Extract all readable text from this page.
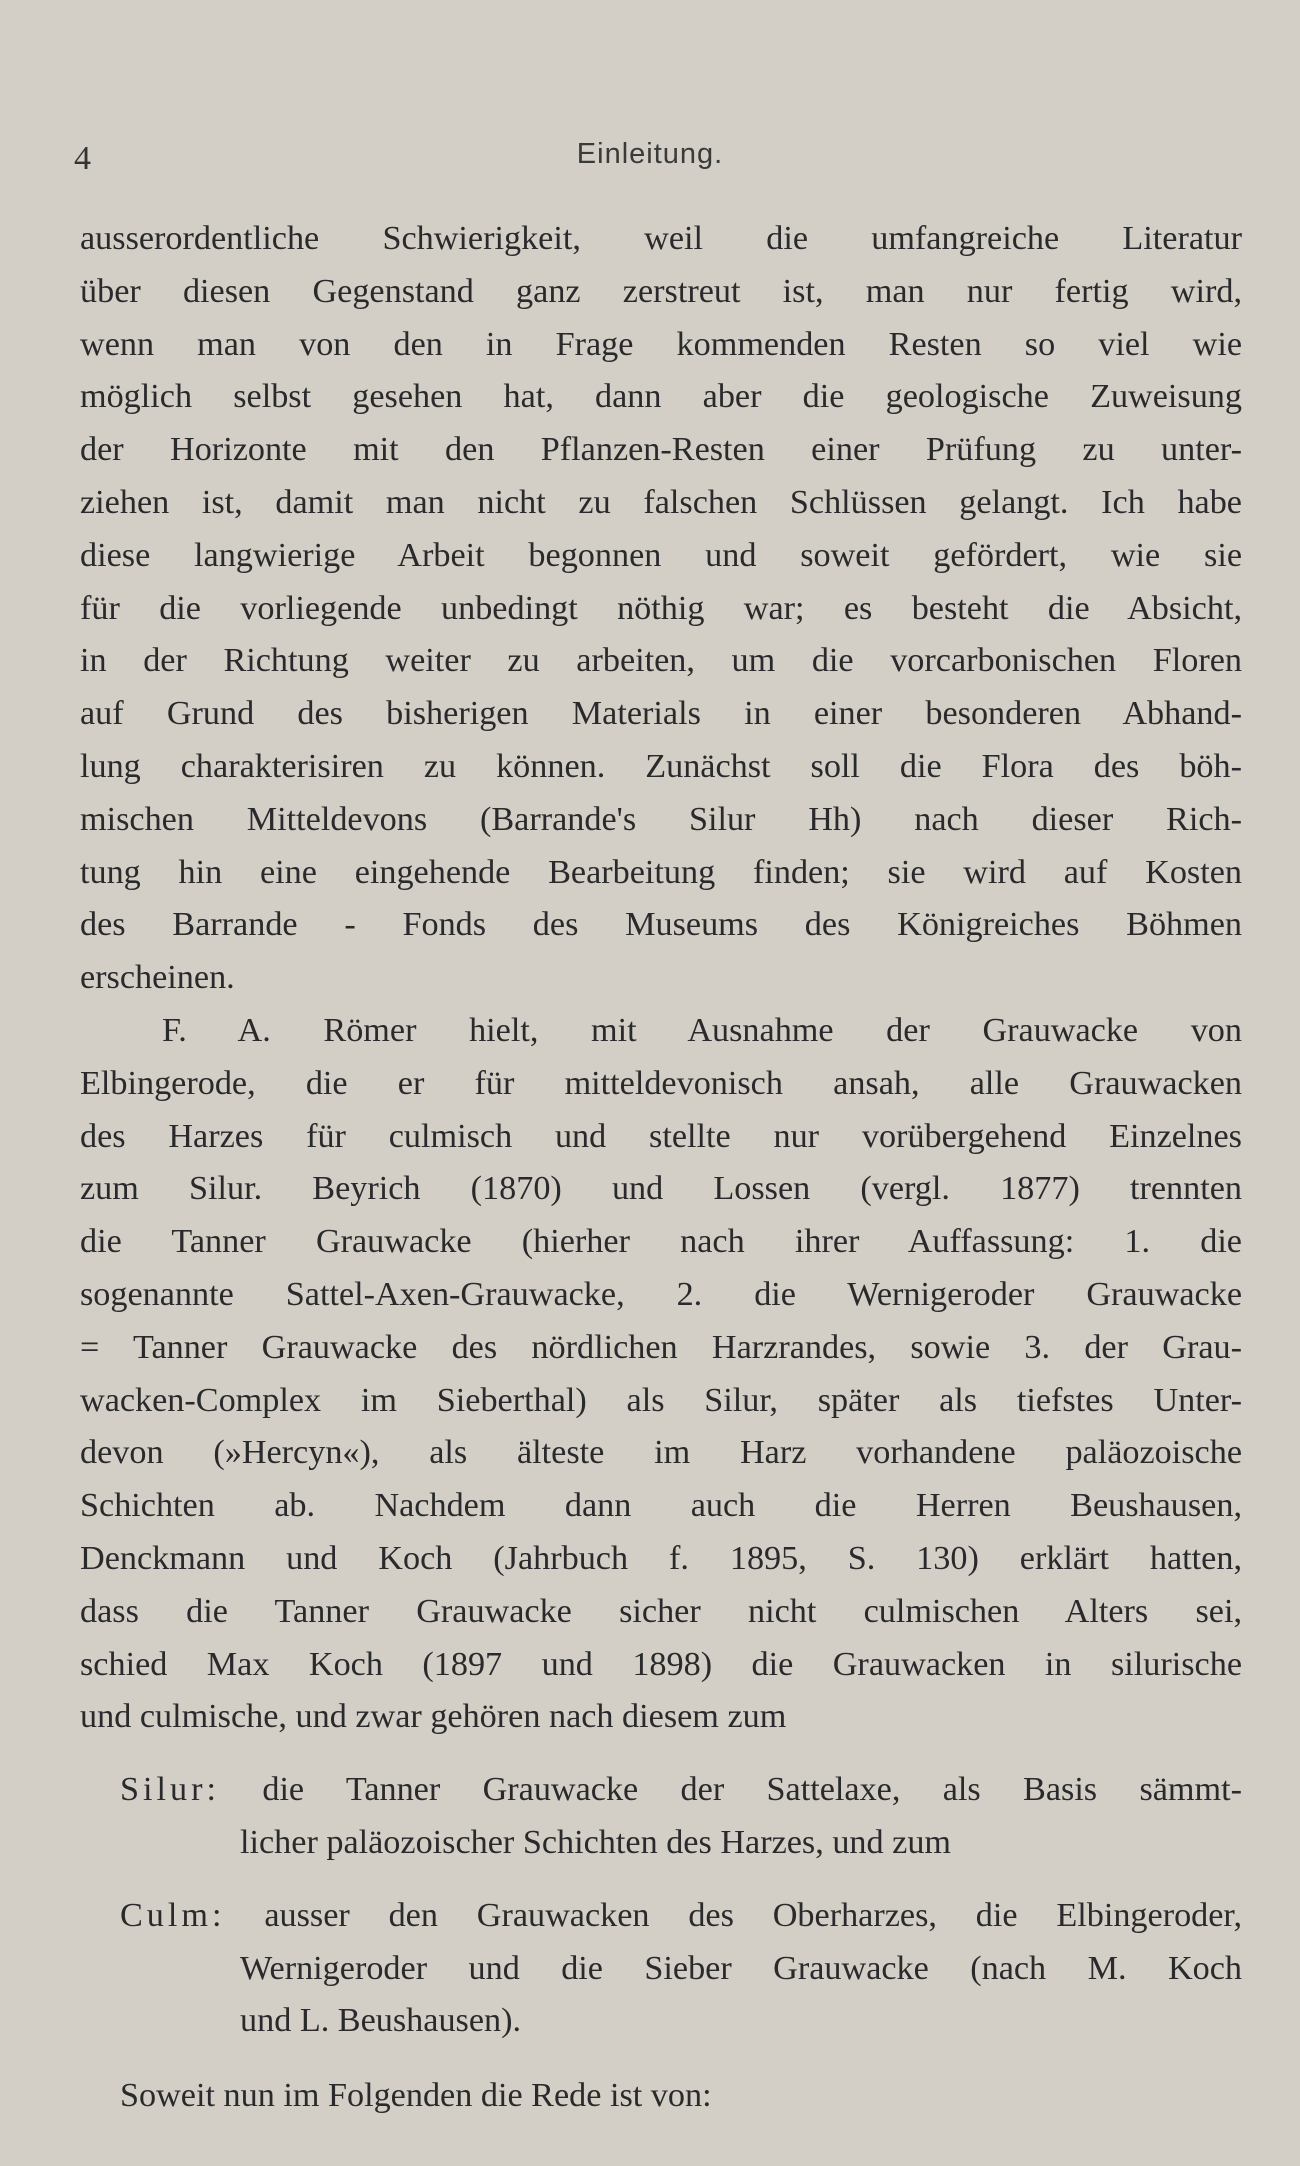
4	Einleitung.
ausserordentliche Schwierigkeit, weil die umfangreiche Literatur
über diesen Gegenstand ganz zerstreut ist, man nur fertig wird,
wenn man von den in Frage kommenden Resten so viel wie
möglich selbst gesehen hat, dann aber die geologische Zuweisung
der Horizonte mit den Pflanzen-Resten einer Prüfung zu unter-
ziehen ist, damit man nicht zu falschen Schlüssen gelangt. Ich habe
diese langwierige Arbeit begonnen und soweit gefördert, wie sie
für die vorliegende unbedingt nöthig war; es besteht die Absicht,
in der Richtung weiter zu arbeiten, um die vorcarbonischen Floren
auf Grund des bisherigen Materials in einer besonderen Abhand-
lung charakterisiren zu können. Zunächst soll die Flora des böh-
mischen Mitteldevons (Barrande's Silur Hh) nach dieser Rich-
tung hin eine eingehende Bearbeitung finden; sie wird auf Kosten
des Barrande - Fonds des Museums des Königreiches Böhmen
erscheinen.
F. A. Römer hielt, mit Ausnahme der Grauwacke von
Elbingerode, die er für mitteldevonisch ansah, alle Grauwacken
des Harzes für culmisch und stellte nur vorübergehend Einzelnes
zum Silur. Beyrich (1870) und Lossen (vergl. 1877) trennten
die Tanner Grauwacke (hierher nach ihrer Auffassung: 1. die
sogenannte Sattel-Axen-Grauwacke, 2. die Wernigeroder Grauwacke
= Tanner Grauwacke des nördlichen Harzrandes, sowie 3. der Grau-
wacken-Complex im Sieberthal) als Silur, später als tiefstes Unter-
devon (»Hercyn«), als älteste im Harz vorhandene paläozoische
Schichten ab. Nachdem dann auch die Herren Beushausen,
Denckmann und Koch (Jahrbuch f. 1895, S. 130) erklärt hatten,
dass die Tanner Grauwacke sicher nicht culmischen Alters sei,
schied Max Koch (1897 und 1898) die Grauwacken in silurische
und culmische, und zwar gehören nach diesem zum
Silur: die Tanner Grauwacke der Sattelaxe, als Basis sämmt-
licher paläozoischer Schichten des Harzes, und zum
Culm: ausser den Grauwacken des Oberharzes, die Elbingeroder,
Wernigeroder und die Sieber Grauwacke (nach M. Koch
und L. Beushausen).
Soweit nun im Folgenden die Rede ist von:
